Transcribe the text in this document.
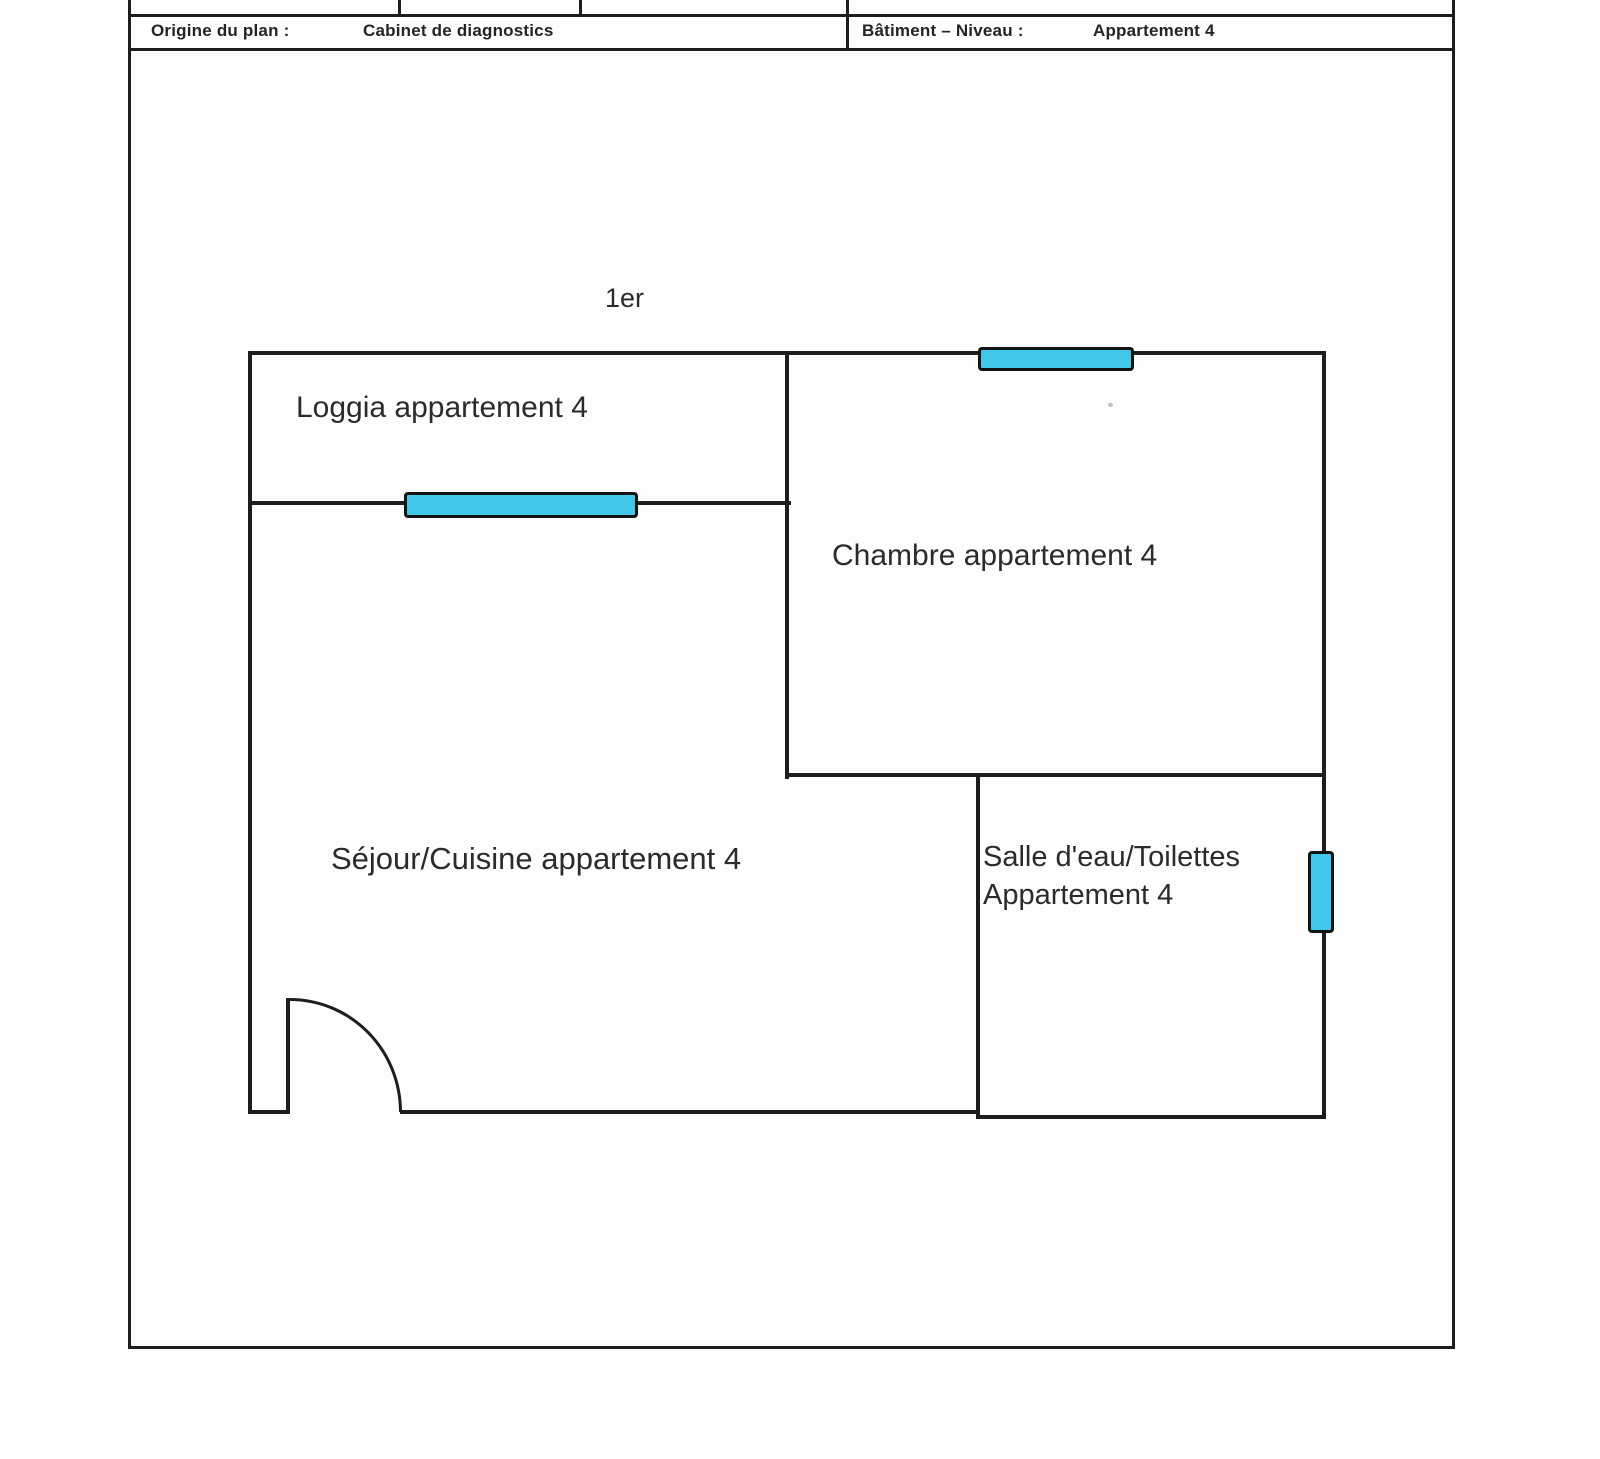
Origine du plan :	Cabinet de diagnostics	Bâtiment – Niveau :	Appartement 4
1er
Loggia appartement 4
Chambre appartement 4
Séjour/Cuisine appartement 4	Salle d'eau/Toilettes
Appartement 4
